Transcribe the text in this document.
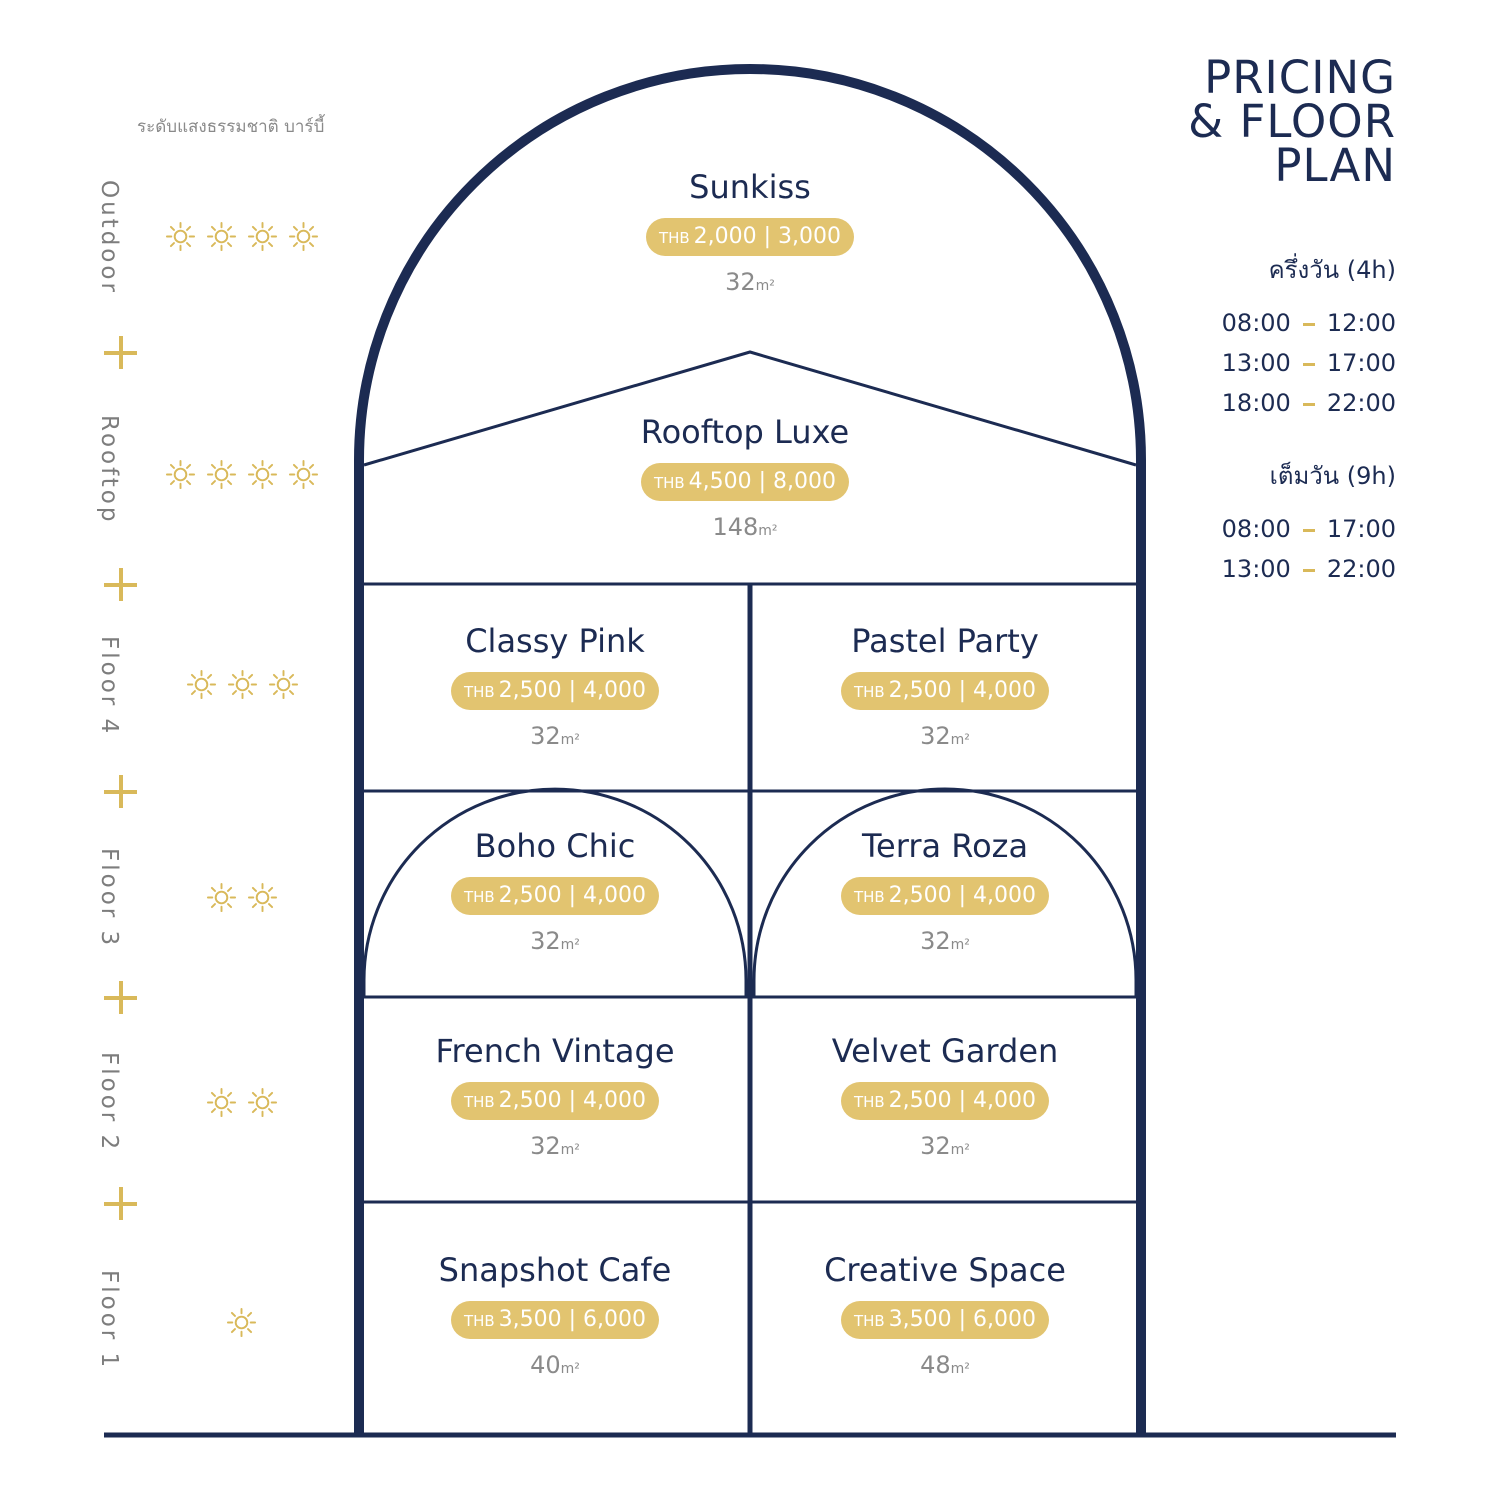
PRICING
& FLOOR
PLAN
ระดับแสงธรรมชาติ บาร์บี้
Outdoor
Rooftop
Floor 4
Floor 3
Floor 2
Floor 1
Sunkiss
THB 2,000 | 3,000
32m²
Rooftop Luxe
THB 4,500 | 8,000
148m²
Classy Pink
THB 2,500 | 4,000
32m²
Pastel Party
THB 2,500 | 4,000
32m²
Boho Chic
THB 2,500 | 4,000
32m²
Terra Roza
THB 2,500 | 4,000
32m²
French Vintage
THB 2,500 | 4,000
32m²
Velvet Garden
THB 2,500 | 4,000
32m²
Snapshot Cafe
THB 3,500 | 6,000
40m²
Creative Space
THB 3,500 | 6,000
48m²
ครึ่งวัน (4h)
08:00 12:00
13:00 17:00
18:00 22:00
เต็มวัน (9h)
08:00 17:00
13:00 22:00
